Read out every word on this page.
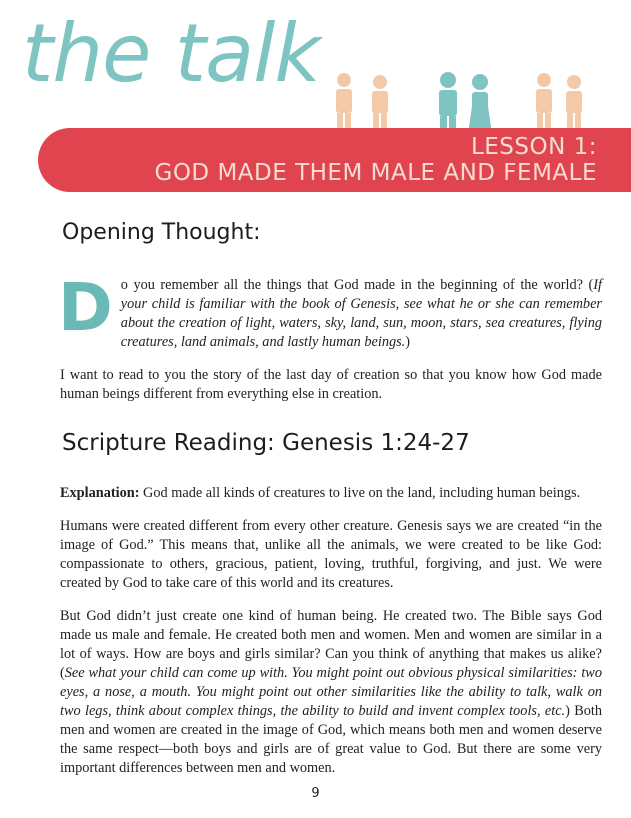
the talk
LESSON 1:
GOD MADE THEM MALE AND FEMALE
Opening Thought:

Do you remember all the things that God made in the beginning of the world? (If your child is familiar with the book of Genesis, see what he or she can remember about the creation of light, waters, sky, land, sun, moon, stars, sea creatures, flying creatures, land animals, and lastly human beings.)

I want to read to you the story of the last day of creation so that you know how God made human beings different from everything else in creation.

Scripture Reading: Genesis 1:24-27

Explanation: God made all kinds of creatures to live on the land, including human beings.

Humans were created different from every other creature. Genesis says we are created “in the image of God.” This means that, unlike all the animals, we were created to be like God: compassionate to others, gracious, patient, loving, truthful, forgiving, and just. We were created by God to take care of this world and its creatures.

But God didn’t just create one kind of human being. He created two. The Bible says God made us male and female. He created both men and women. Men and women are similar in a lot of ways. How are boys and girls similar? Can you think of anything that makes us alike? (See what your child can come up with. You might point out obvious physical similarities: two eyes, a nose, a mouth. You might point out other similarities like the ability to talk, walk on two legs, think about complex things, the ability to build and invent complex tools, etc.) Both men and women are created in the image of God, which means both men and women deserve the same respect—both boys and girls are of great value to God. But there are some very important differences between men and women.

9
